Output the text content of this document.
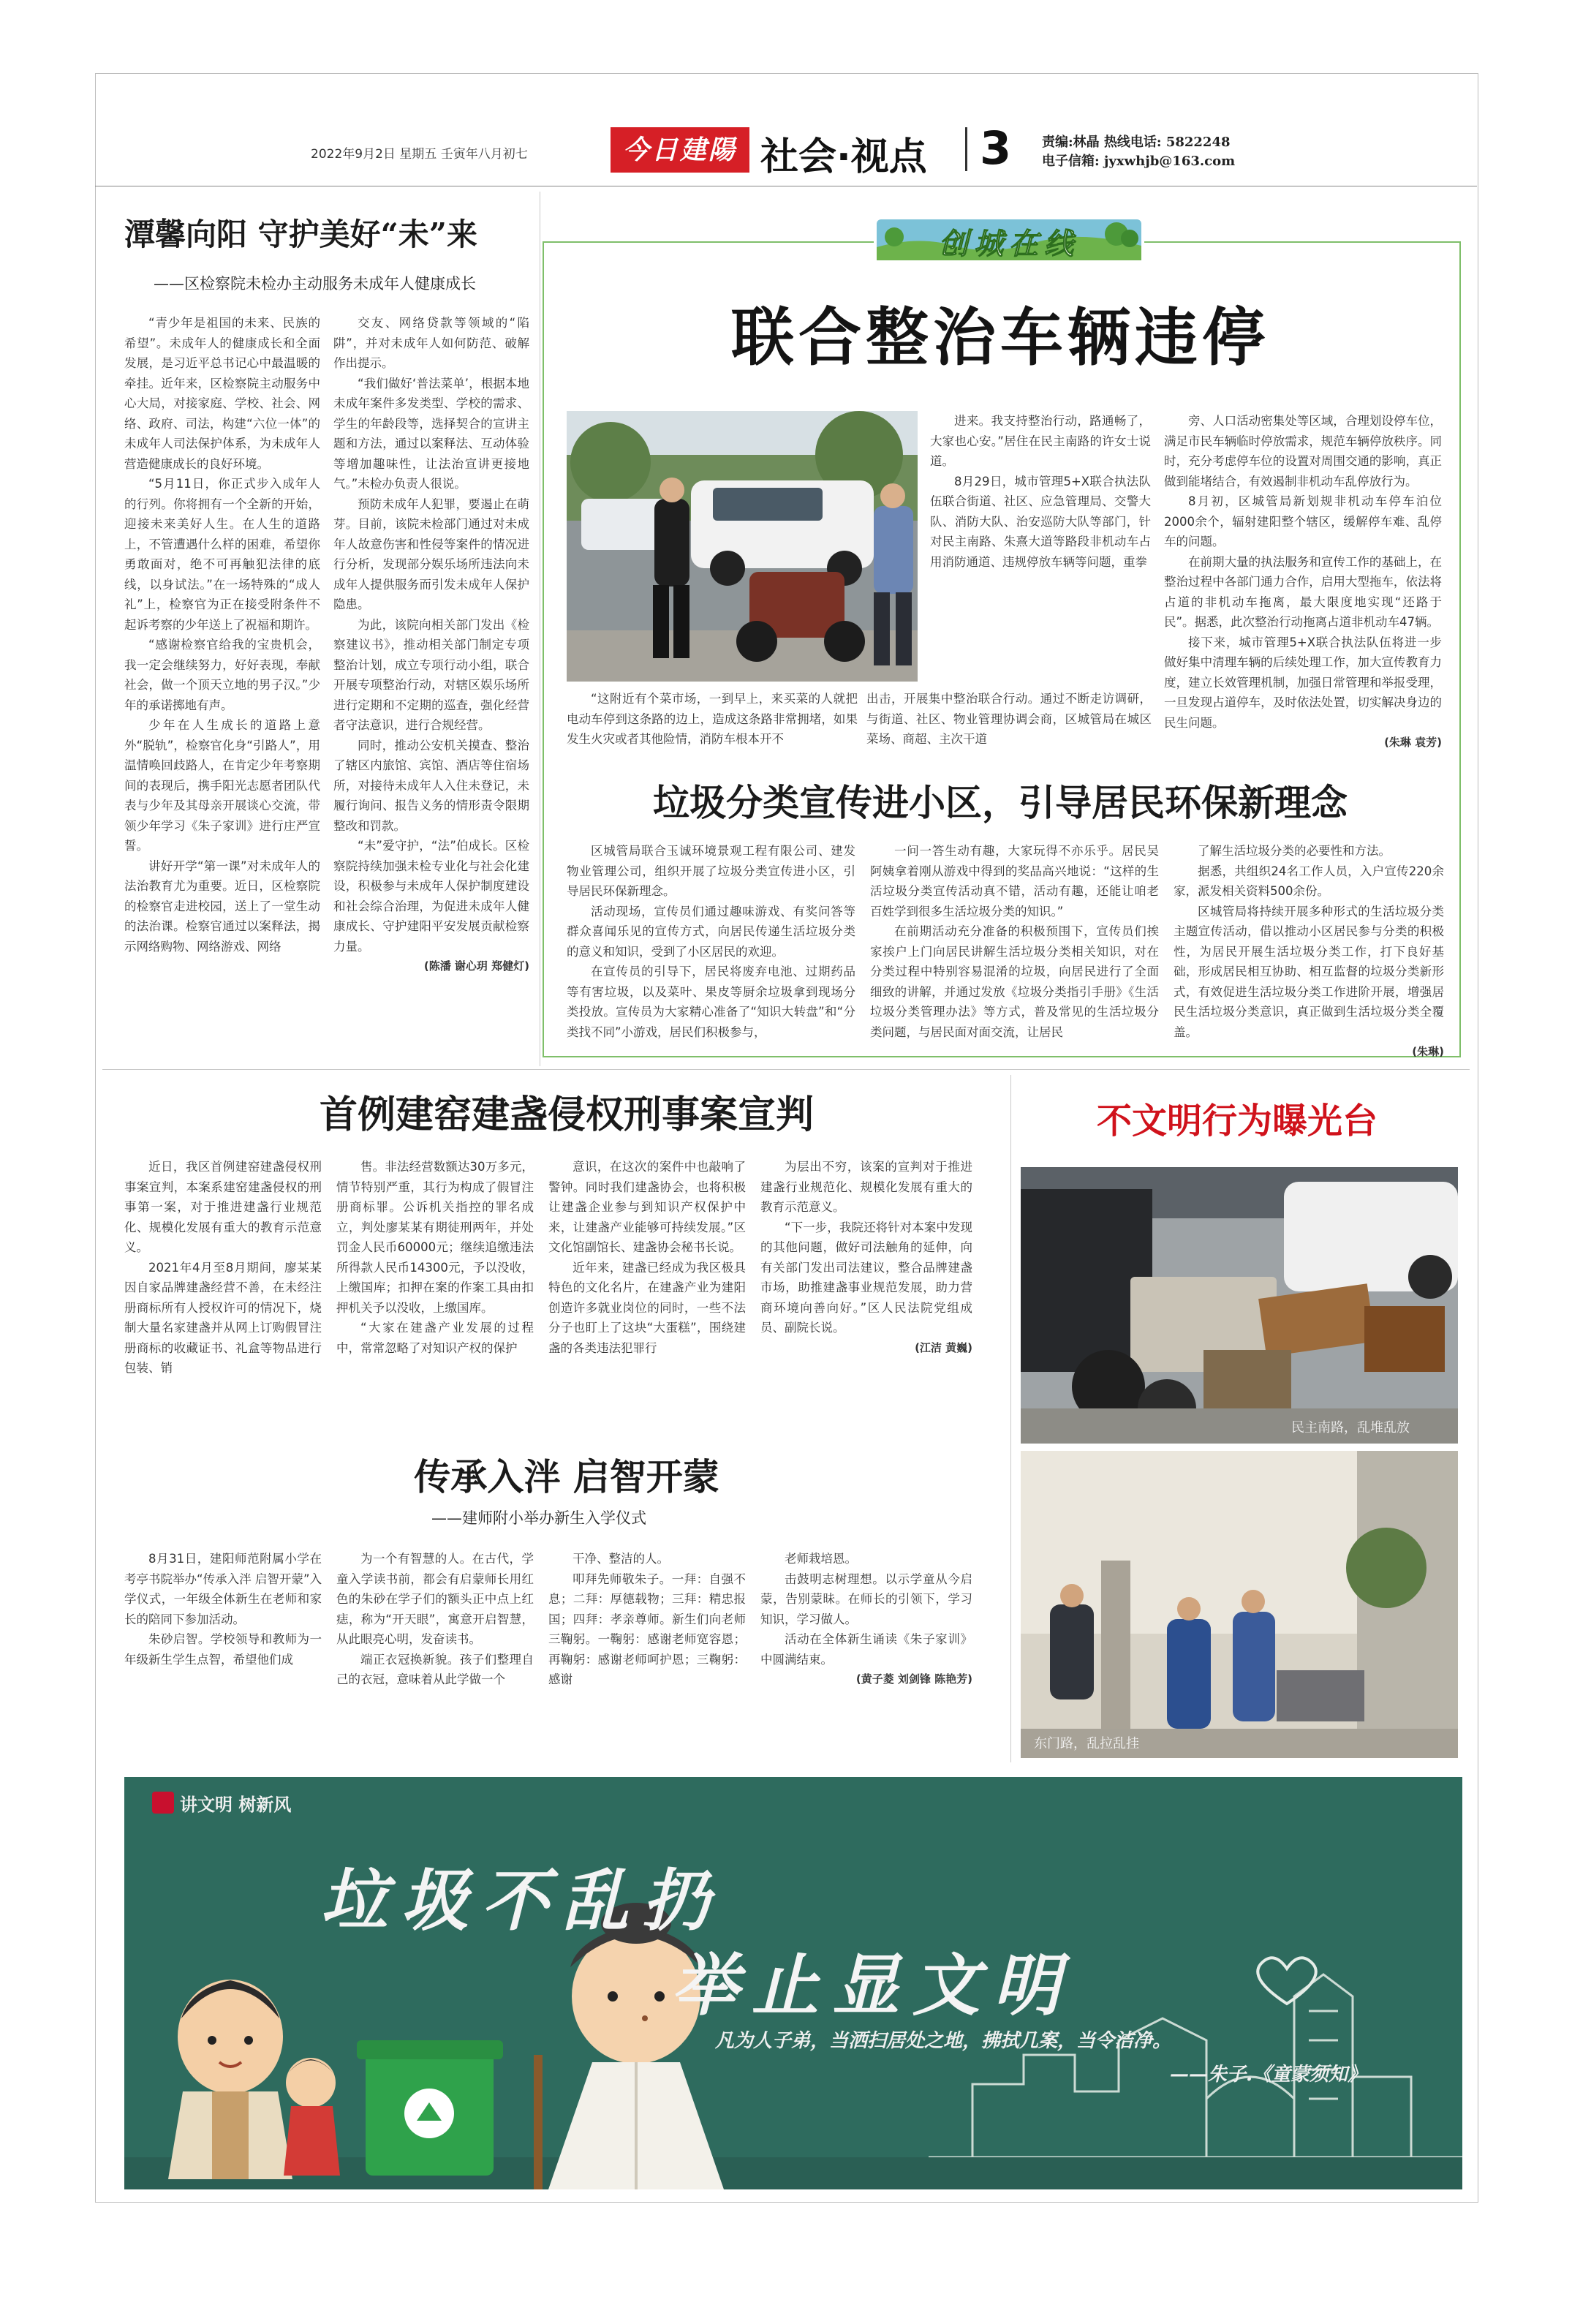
2022年9月2日 星期五 壬寅年八月初七	今日建陽 社会·视点 3 责编:林晶 热线电话: 5822248
电子信箱: jyxwhjb@163.com
潭馨向阳 守护美好“未”来
——区检察院未检办主动服务未成年人健康成长

“青少年是祖国的未来、民族的希望”。未成年人的健康成长和全面发展，是习近平总书记心中最温暖的牵挂。近年来，区检察院主动服务中心大局，对接家庭、学校、社会、网络、政府、司法，构建“六位一体”的未成年人司法保护体系，为未成年人营造健康成长的良好环境。

“5月11日，你正式步入成年人的行列。你将拥有一个全新的开始，迎接未来美好人生。在人生的道路上，不管遭遇什么样的困难，希望你勇敢面对，绝不可再触犯法律的底线，以身试法。”在一场特殊的“成人礼”上，检察官为正在接受附条件不起诉考察的少年送上了祝福和期许。

“感谢检察官给我的宝贵机会，我一定会继续努力，好好表现，奉献社会，做一个顶天立地的男子汉。”少年的承诺掷地有声。

少年在人生成长的道路上意外“脱轨”，检察官化身“引路人”，用温情唤回歧路人，在肯定少年考察期间的表现后，携手阳光志愿者团队代表与少年及其母亲开展谈心交流，带领少年学习《朱子家训》进行庄严宣誓。

讲好开学“第一课”对未成年人的法治教育尤为重要。近日，区检察院的检察官走进校园，送上了一堂生动的法治课。检察官通过以案释法，揭示网络购物、网络游戏、网络

交友、网络贷款等领域的“陷阱”，并对未成年人如何防范、破解作出提示。

“我们做好‘普法菜单’，根据本地未成年案件多发类型、学校的需求、学生的年龄段等，选择契合的宣讲主题和方法，通过以案释法、互动体验等增加趣味性，让法治宣讲更接地气。”未检办负责人很说。

预防未成年人犯罪，要遏止在萌芽。目前，该院未检部门通过对未成年人故意伤害和性侵等案件的情况进行分析，发现部分娱乐场所违法向未成年人提供服务而引发未成年人保护隐患。

为此，该院向相关部门发出《检察建议书》，推动相关部门制定专项整治计划，成立专项行动小组，联合开展专项整治行动，对辖区娱乐场所进行定期和不定期的巡查，强化经营者守法意识，进行合规经营。

同时，推动公安机关摸查、整治了辖区内旅馆、宾馆、酒店等住宿场所，对接待未成年人入住未登记，未履行询问、报告义务的情形责令限期整改和罚款。

“未”爱守护，“法”伯成长。区检察院持续加强未检专业化与社会化建设，积极参与未成年人保护制度建设和社会综合治理，为促进未成年人健康成长、守护建阳平安发展贡献检察力量。

(陈潘 谢心玥 郑健灯)

创城在线
联合整治车辆违停

“这附近有个菜市场，一到早上，来买菜的人就把电动车停到这条路的边上，造成这条路非常拥堵，如果发生火灾或者其他险情，消防车根本开不

出击，开展集中整治联合行动。通过不断走访调研，与街道、社区、物业管理协调会商，区城管局在城区菜场、商超、主次干道

进来。我支持整治行动，路通畅了，大家也心安。”居住在民主南路的许女士说道。

8月29日，城市管理5+X联合执法队伍联合街道、社区、应急管理局、交警大队、消防大队、治安巡防大队等部门，针对民主南路、朱熹大道等路段非机动车占用消防通道、违规停放车辆等问题，重拳

旁、人口活动密集处等区域，合理划设停车位，满足市民车辆临时停放需求，规范车辆停放秩序。同时，充分考虑停车位的设置对周围交通的影响，真正做到能堵结合，有效遏制非机动车乱停放行为。

8月初，区城管局新划规非机动车停车泊位2000余个，辐射建阳整个辖区，缓解停车难、乱停车的问题。

在前期大量的执法服务和宣传工作的基础上，在整治过程中各部门通力合作，启用大型拖车，依法将占道的非机动车拖离，最大限度地实现“还路于民”。据悉，此次整治行动拖离占道非机动车47辆。

接下来，城市管理5+X联合执法队伍将进一步做好集中清理车辆的后续处理工作，加大宣传教育力度，建立长效管理机制，加强日常管理和举报受理，一旦发现占道停车，及时依法处置，切实解决身边的民生问题。

(朱琳 袁芳)

垃圾分类宣传进小区，引导居民环保新理念

区城管局联合玉诚环境景观工程有限公司、建发物业管理公司，组织开展了垃圾分类宣传进小区，引导居民环保新理念。

活动现场，宣传员们通过趣味游戏、有奖问答等群众喜闻乐见的宣传方式，向居民传递生活垃圾分类的意义和知识，受到了小区居民的欢迎。

在宣传员的引导下，居民将废弃电池、过期药品等有害垃圾，以及菜叶、果皮等厨余垃圾拿到现场分类投放。宣传员为大家精心准备了“知识大转盘”和“分类找不同”小游戏，居民们积极参与，

一问一答生动有趣，大家玩得不亦乐乎。居民吴阿姨拿着刚从游戏中得到的奖品高兴地说：“这样的生活垃圾分类宣传活动真不错，活动有趣，还能让咱老百姓学到很多生活垃圾分类的知识。”

在前期活动充分准备的积极预围下，宣传员们挨家挨户上门向居民讲解生活垃圾分类相关知识，对在分类过程中特别容易混淆的垃圾，向居民进行了全面细致的讲解，并通过发放《垃圾分类指引手册》《生活垃圾分类管理办法》等方式，普及常见的生活垃圾分类问题，与居民面对面交流，让居民

了解生活垃圾分类的必要性和方法。

据悉，共组织24名工作人员，入户宣传220余家，派发相关资料500余份。

区城管局将持续开展多种形式的生活垃圾分类主题宣传活动，借以推动小区居民参与分类的积极性，为居民开展生活垃圾分类工作，打下良好基础，形成居民相互协助、相互监督的垃圾分类新形式，有效促进生活垃圾分类工作进阶开展，增强居民生活垃圾分类意识，真正做到生活垃圾分类全覆盖。

(朱琳)

首例建窑建盏侵权刑事案宣判

近日，我区首例建窑建盏侵权刑事案宣判，本案系建窑建盏侵权的刑事第一案，对于推进建盏行业规范化、规模化发展有重大的教育示范意义。

2021年4月至8月期间，廖某某因自家品牌建盏经营不善，在未经注册商标所有人授权许可的情况下，烧制大量名家建盏并从网上订购假冒注册商标的收藏证书、礼盒等物品进行包装、销

售。非法经营数额达30万多元，情节特别严重，其行为构成了假冒注册商标罪。公诉机关指控的罪名成立，判处廖某某有期徒刑两年，并处罚金人民币60000元；继续追缴违法所得款人民币14300元，予以没收，上缴国库；扣押在案的作案工具由扣押机关予以没收，上缴国库。

“大家在建盏产业发展的过程中，常常忽略了对知识产权的保护

意识，在这次的案件中也敲响了警钟。同时我们建盏协会，也将积极让建盏企业参与到知识产权保护中来，让建盏产业能够可持续发展。”区文化馆副馆长、建盏协会秘书长说。

近年来，建盏已经成为我区极具特色的文化名片，在建盏产业为建阳创造许多就业岗位的同时，一些不法分子也盯上了这块“大蛋糕”，围绕建盏的各类违法犯罪行

为层出不穷，该案的宣判对于推进建盏行业规范化、规模化发展有重大的教育示范意义。

“下一步，我院还将针对本案中发现的其他问题，做好司法触角的延伸，向有关部门发出司法建议，整合品牌建盏市场，助推建盏事业规范发展，助力营商环境向善向好。”区人民法院党组成员、副院长说。

(江洁 黄巍)

传承入泮 启智开蒙
——建师附小举办新生入学仪式

8月31日，建阳师范附属小学在考亭书院举办“传承入泮 启智开蒙”入学仪式，一年级全体新生在老师和家长的陪同下参加活动。

朱砂启智。学校领导和教师为一年级新生学生点智，希望他们成

为一个有智慧的人。在古代，学童入学读书前，都会有启蒙师长用红色的朱砂在学子们的额头正中点上红痣，称为“开天眼”，寓意开启智慧，从此眼亮心明，发奋读书。

端正衣冠换新貌。孩子们整理自己的衣冠，意味着从此学做一个

干净、整洁的人。

叩拜先师敬朱子。一拜：自强不息；二拜：厚德载物；三拜：精忠报国；四拜：孝亲尊师。新生们向老师三鞠躬。一鞠躬：感谢老师宽容恩；再鞠躬：感谢老师呵护恩；三鞠躬：感谢

老师栽培恩。

击鼓明志树理想。以示学童从今启蒙，告别蒙昧。在师长的引领下，学习知识，学习做人。

活动在全体新生诵读《朱子家训》中圆满结束。

(黄子菱 刘剑锋 陈艳芳)

不文明行为曝光台
民主南路，乱堆乱放
东门路，乱拉乱挂
讲文明 树新风
垃圾不乱扔
举止显文明
凡为人子弟，当洒扫居处之地，拂拭几案，当令洁净。
——朱子.《童蒙须知》
